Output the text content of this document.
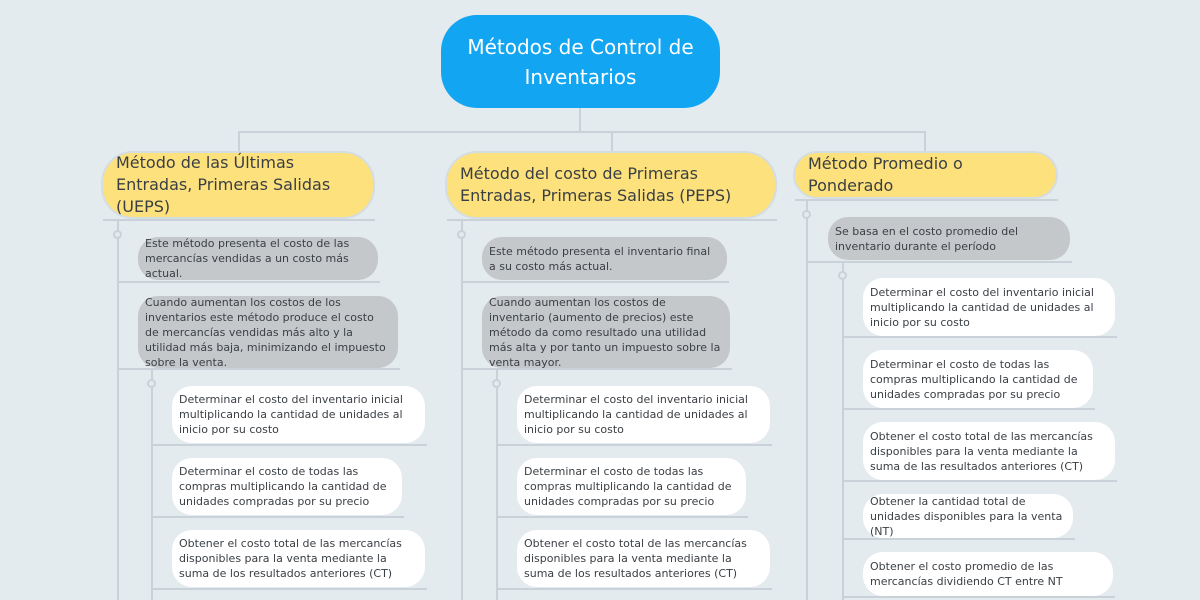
Métodos de Control de Inventarios
Método de las Últimas Entradas, Primeras Salidas (UEPS)
Este método presenta el costo de las mercancías vendidas a un costo más actual.
Cuando aumentan los costos de los inventarios este método produce el costo de mercancías vendidas más alto y la utilidad más baja, minimizando el impuesto sobre la venta.
Determinar el costo del inventario inicial multiplicando la cantidad de unidades al inicio por su costo
Determinar el costo de todas las compras multiplicando la cantidad de unidades compradas por su precio
Obtener el costo total de las mercancías disponibles para la venta mediante la suma de los resultados anteriores (CT)
Método del costo de Primeras Entradas, Primeras Salidas (PEPS)
Este método presenta el inventario final a su costo más actual.
Cuando aumentan los costos de inventario (aumento de precios) este método da como resultado una utilidad más alta y por tanto un impuesto sobre la venta mayor.
Determinar el costo del inventario inicial multiplicando la cantidad de unidades al inicio por su costo
Determinar el costo de todas las compras multiplicando la cantidad de unidades compradas por su precio
Obtener el costo total de las mercancías disponibles para la venta mediante la suma de los resultados anteriores (CT)
Método Promedio o Ponderado
Se basa en el costo promedio del inventario durante el período
Determinar el costo del inventario inicial multiplicando la cantidad de unidades al inicio por su costo
Determinar el costo de todas las compras multiplicando la cantidad de unidades compradas por su precio
Obtener el costo total de las mercancías disponibles para la venta mediante la suma de las resultados anteriores (CT)
Obtener la cantidad total de unidades disponibles para la venta (NT)
Obtener el costo promedio de las mercancías dividiendo CT entre NT
